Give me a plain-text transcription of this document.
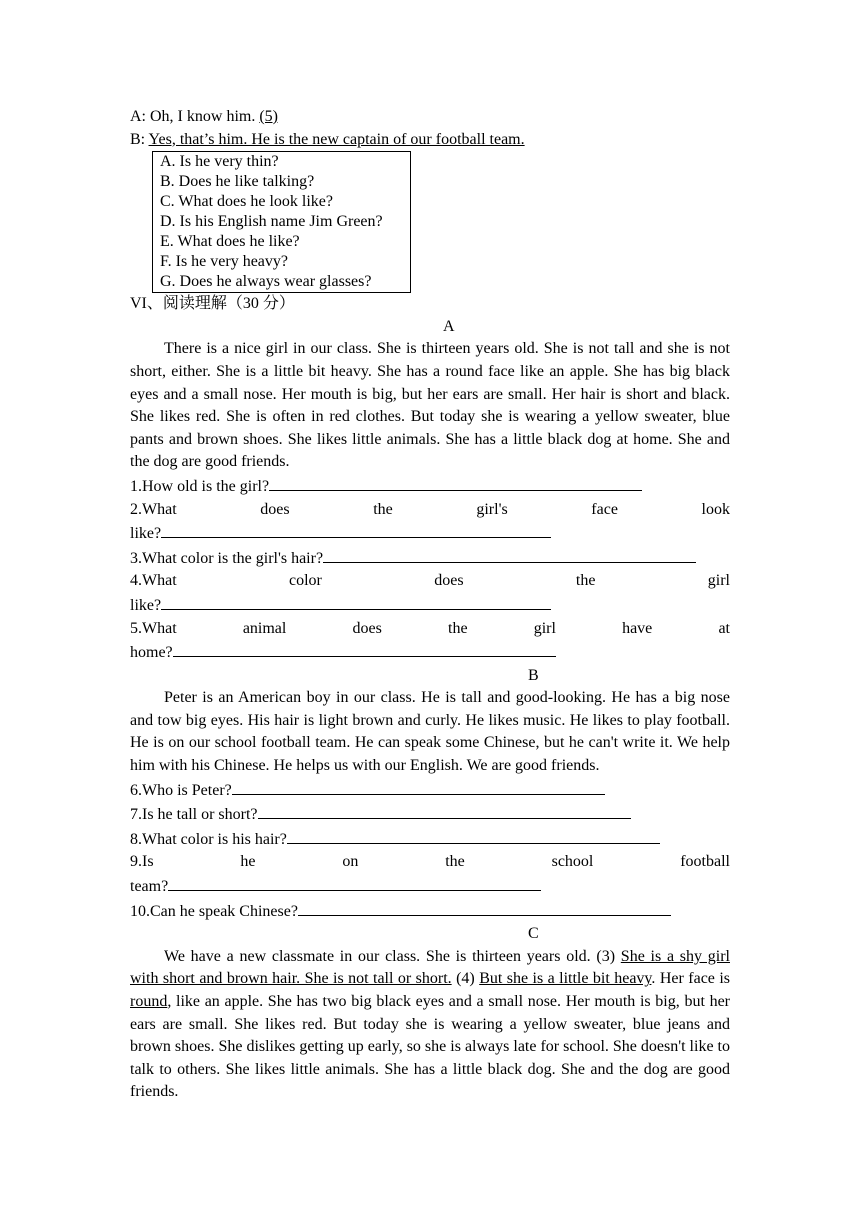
A: Oh, I know him. (5)
B: Yes, that’s him. He is the new captain of our football team.
A. Is he very thin?
B. Does he like talking?
C. What does he look like?
D. Is his English name Jim Green?
E. What does he like?
F. Is he very heavy?
G. Does he always wear glasses?
VI、阅读理解（30 分）
A
There is a nice girl in our class. She is thirteen years old. She is not tall and she is not short, either. She is a little bit heavy. She has a round face like an apple. She has big black eyes and a small nose. Her mouth is big, but her ears are small. Her hair is short and black. She likes red. She is often in red clothes. But today she is wearing a yellow sweater, blue pants and brown shoes. She likes little animals. She has a little black dog at home. She and the dog are good friends.
1.How old is the girl?
2.What	does	the	girl's	face	look
like?
3.What color is the girl's hair?
4.What	color	does	the	girl
like?
5.What	animal	does	the	girl	have	at
home?
B
Peter is an American boy in our class. He is tall and good-looking. He has a big nose and tow big eyes. His hair is light brown and curly. He likes music. He likes to play football. He is on our school football team. He can speak some Chinese, but he can't write it. We help him with his Chinese. He helps us with our English. We are good friends.
6.Who is Peter?
7.Is he tall or short?
8.What color is his hair?
9.Is	he	on	the	school	football
team?
10.Can he speak Chinese?
C
We have a new classmate in our class. She is thirteen years old. (3) She is a shy girl with short and brown hair. She is not tall or short. (4) But she is a little bit heavy. Her face is round, like an apple. She has two big black eyes and a small nose. Her mouth is big, but her ears are small. She likes red. But today she is wearing a yellow sweater, blue jeans and brown shoes. She dislikes getting up early, so she is always late for school. She doesn't like to talk to others. She likes little animals. She has a little black dog. She and the dog are good friends.
